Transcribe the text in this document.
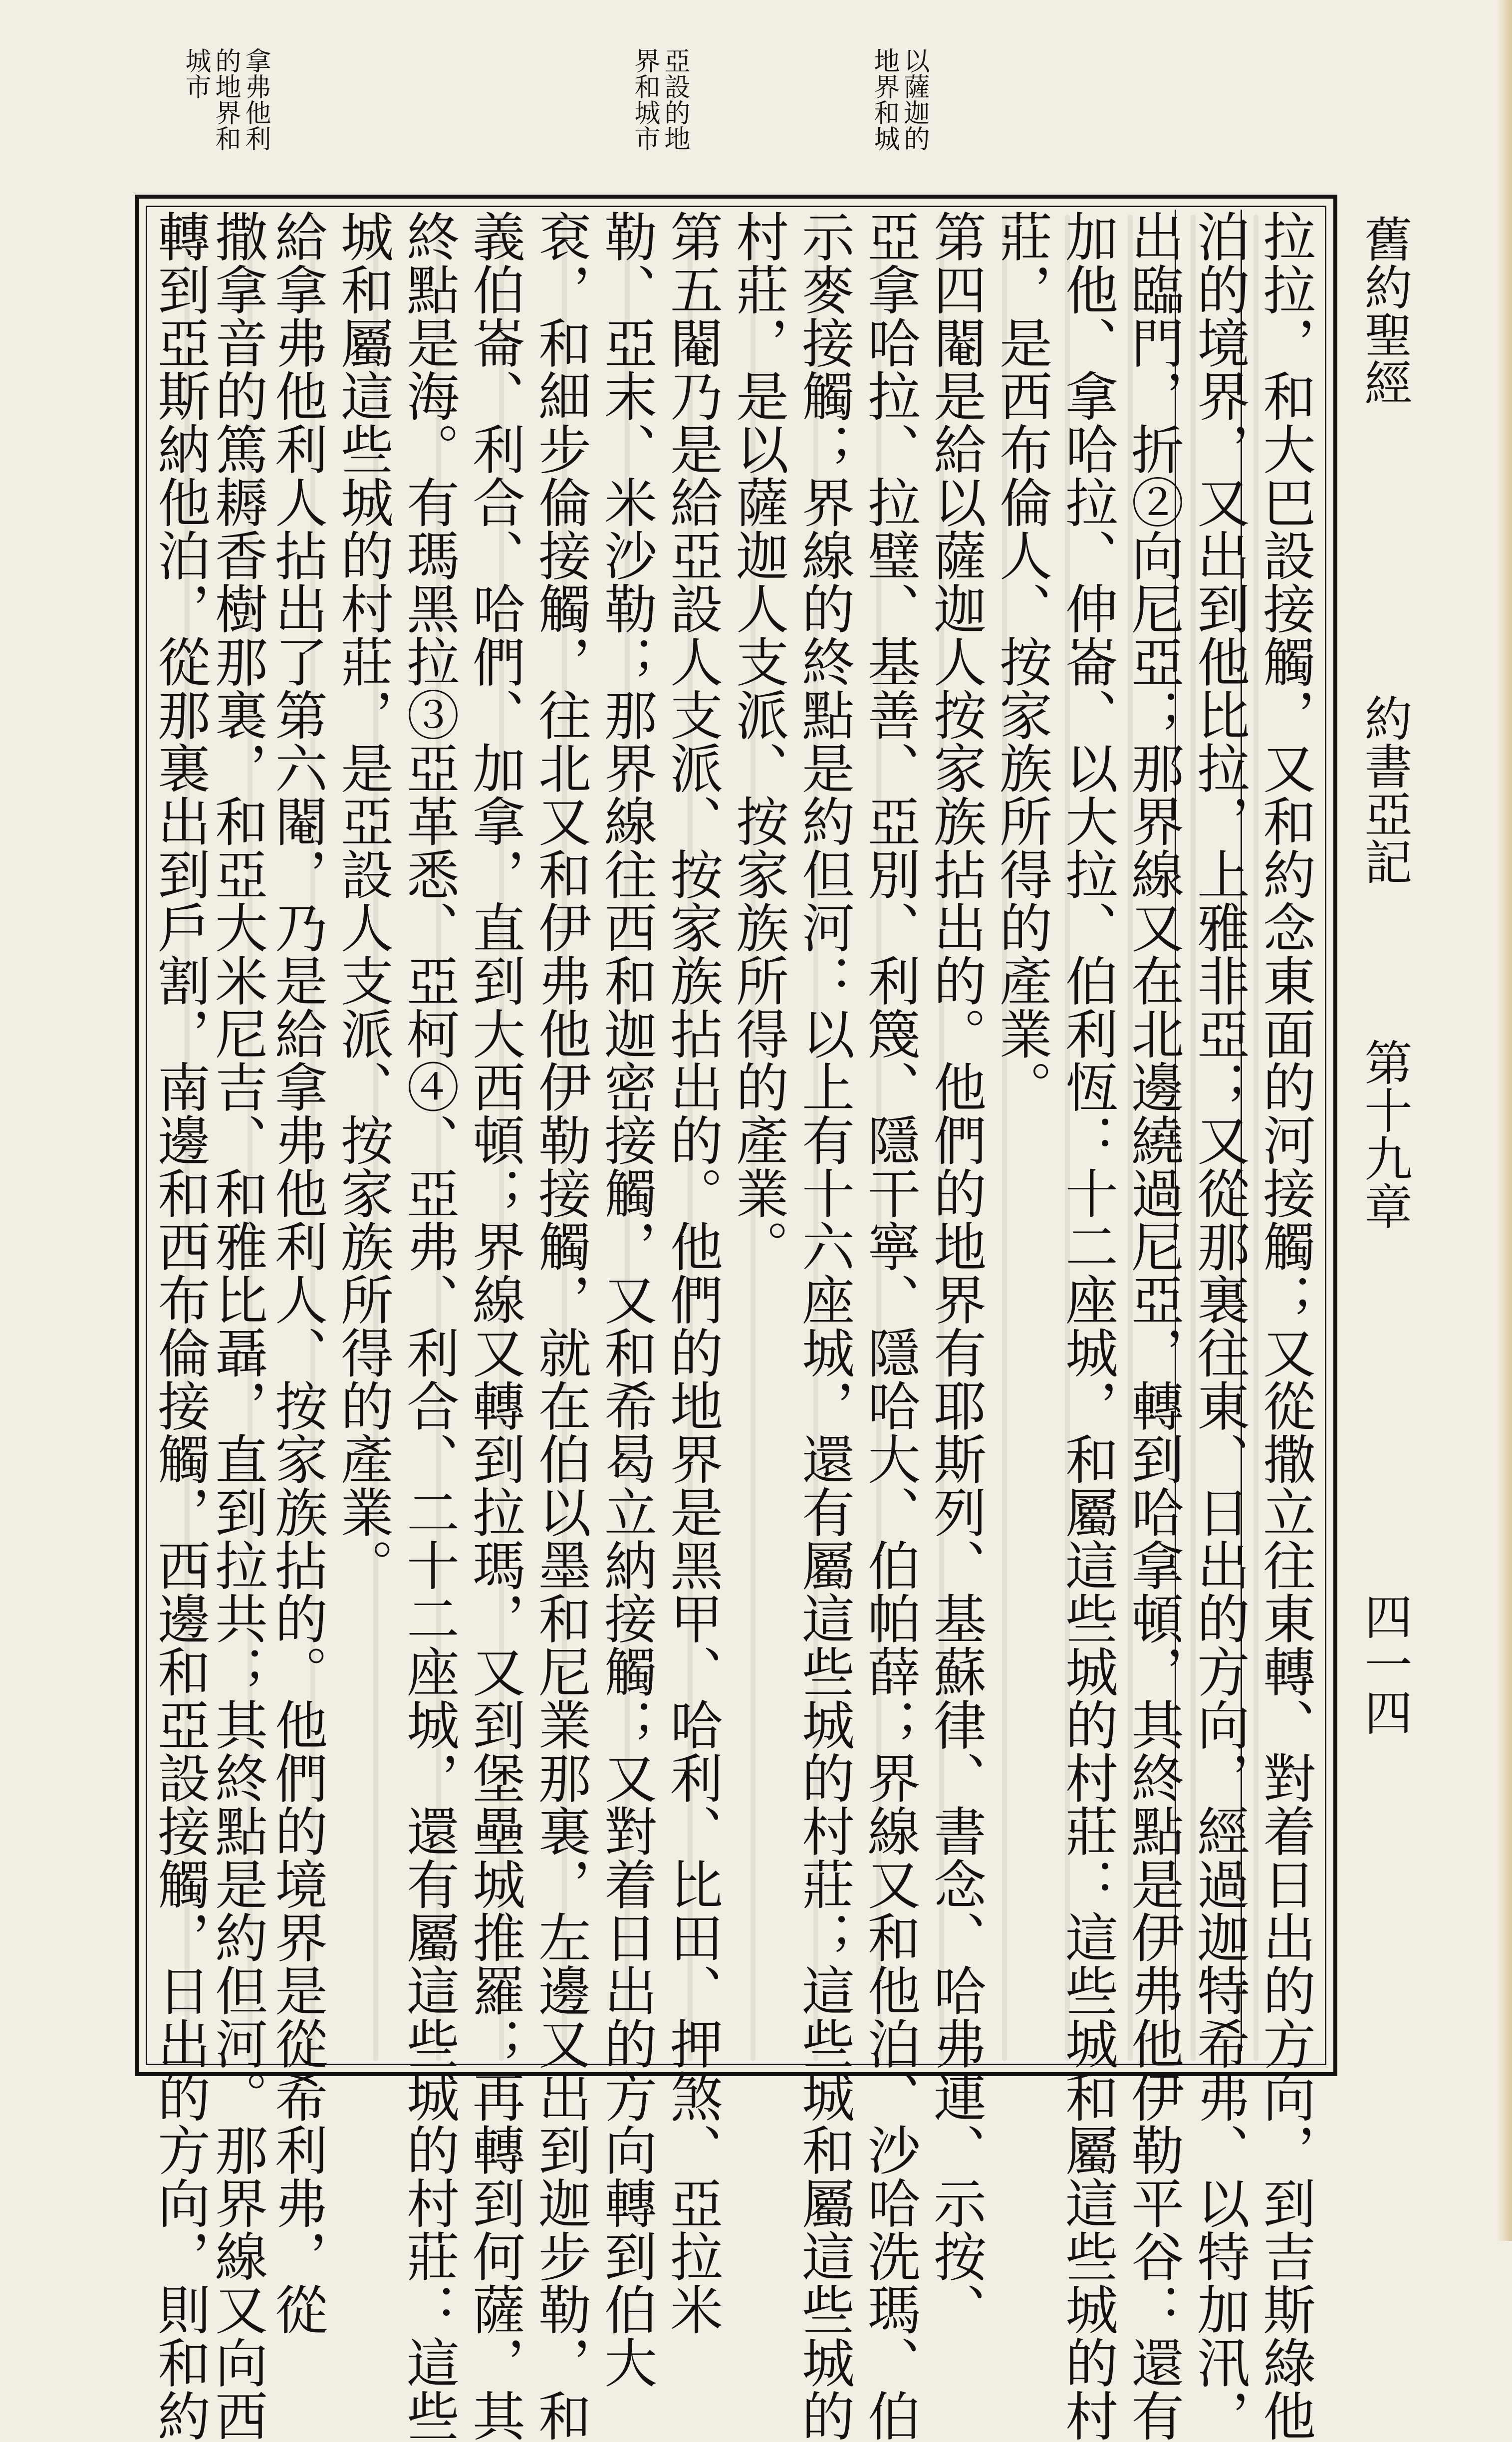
以薩迦的
地界和城
亞設的地
界和城市
拿弗他利
的地界和
城市
舊約聖經
約書亞記
第十九章
四一四
拉拉，和大巴設接觸，又和約念東面的河接觸；又從撒立往東轉、對着日出的方向，到吉斯綠他
泊的境界，又出到他比拉，上雅非亞；又從那裏往東、日出的方向，經過迦特希弗、以特加汛，
出臨門，折②向尼亞；那界線又在北邊繞過尼亞，轉到哈拿頓，其終點是伊弗他伊勒平谷：還有
加他、拿哈拉、伸崙、以大拉、伯利恆：十二座城，和屬這些城的村莊：這些城和屬這些城的村
莊，是西布倫人、按家族所得的產業。
第四閹是給以薩迦人按家族拈出的。他們的地界有耶斯列、基蘇律、書念、哈弗連、示按、
亞拿哈拉、拉璧、基善、亞別、利篾、隱干寧、隱哈大、伯帕薛；界線又和他泊、沙哈洗瑪、伯
示麥接觸；界線的終點是約但河：以上有十六座城，還有屬這些城的村莊；這些城和屬這些城的
村莊，是以薩迦人支派、按家族所得的產業。
第五閹乃是給亞設人支派、按家族拈出的。他們的地界是黑甲、哈利、比田、押煞、亞拉米
勒、亞末、米沙勒；那界線往西和迦密接觸，又和希曷立納接觸；又對着日出的方向轉到伯大
袞，和細步倫接觸，往北又和伊弗他伊勒接觸，就在伯以墨和尼業那裏，左邊又出到迦步勒，和
義伯崙、利合、哈們、加拿，直到大西頓；界線又轉到拉瑪，又到堡壘城推羅；再轉到何薩，其
終點是海。有瑪黑拉③亞革悉、亞柯④、亞弗、利合、二十二座城，還有屬這些城的村莊：這些
城和屬這些城的村莊，是亞設人支派、按家族所得的產業。
給拿弗他利人拈出了第六閹，乃是給拿弗他利人、按家族拈的。他們的境界是從希利弗，從
撒拿音的篤耨香樹那裏，和亞大米尼吉、和雅比聶，直到拉共；其終點是約但河。那界線又向西
轉到亞斯納他泊，從那裏出到戶割，南邊和西布倫接觸，西邊和亞設接觸，日出的方向，則和約
